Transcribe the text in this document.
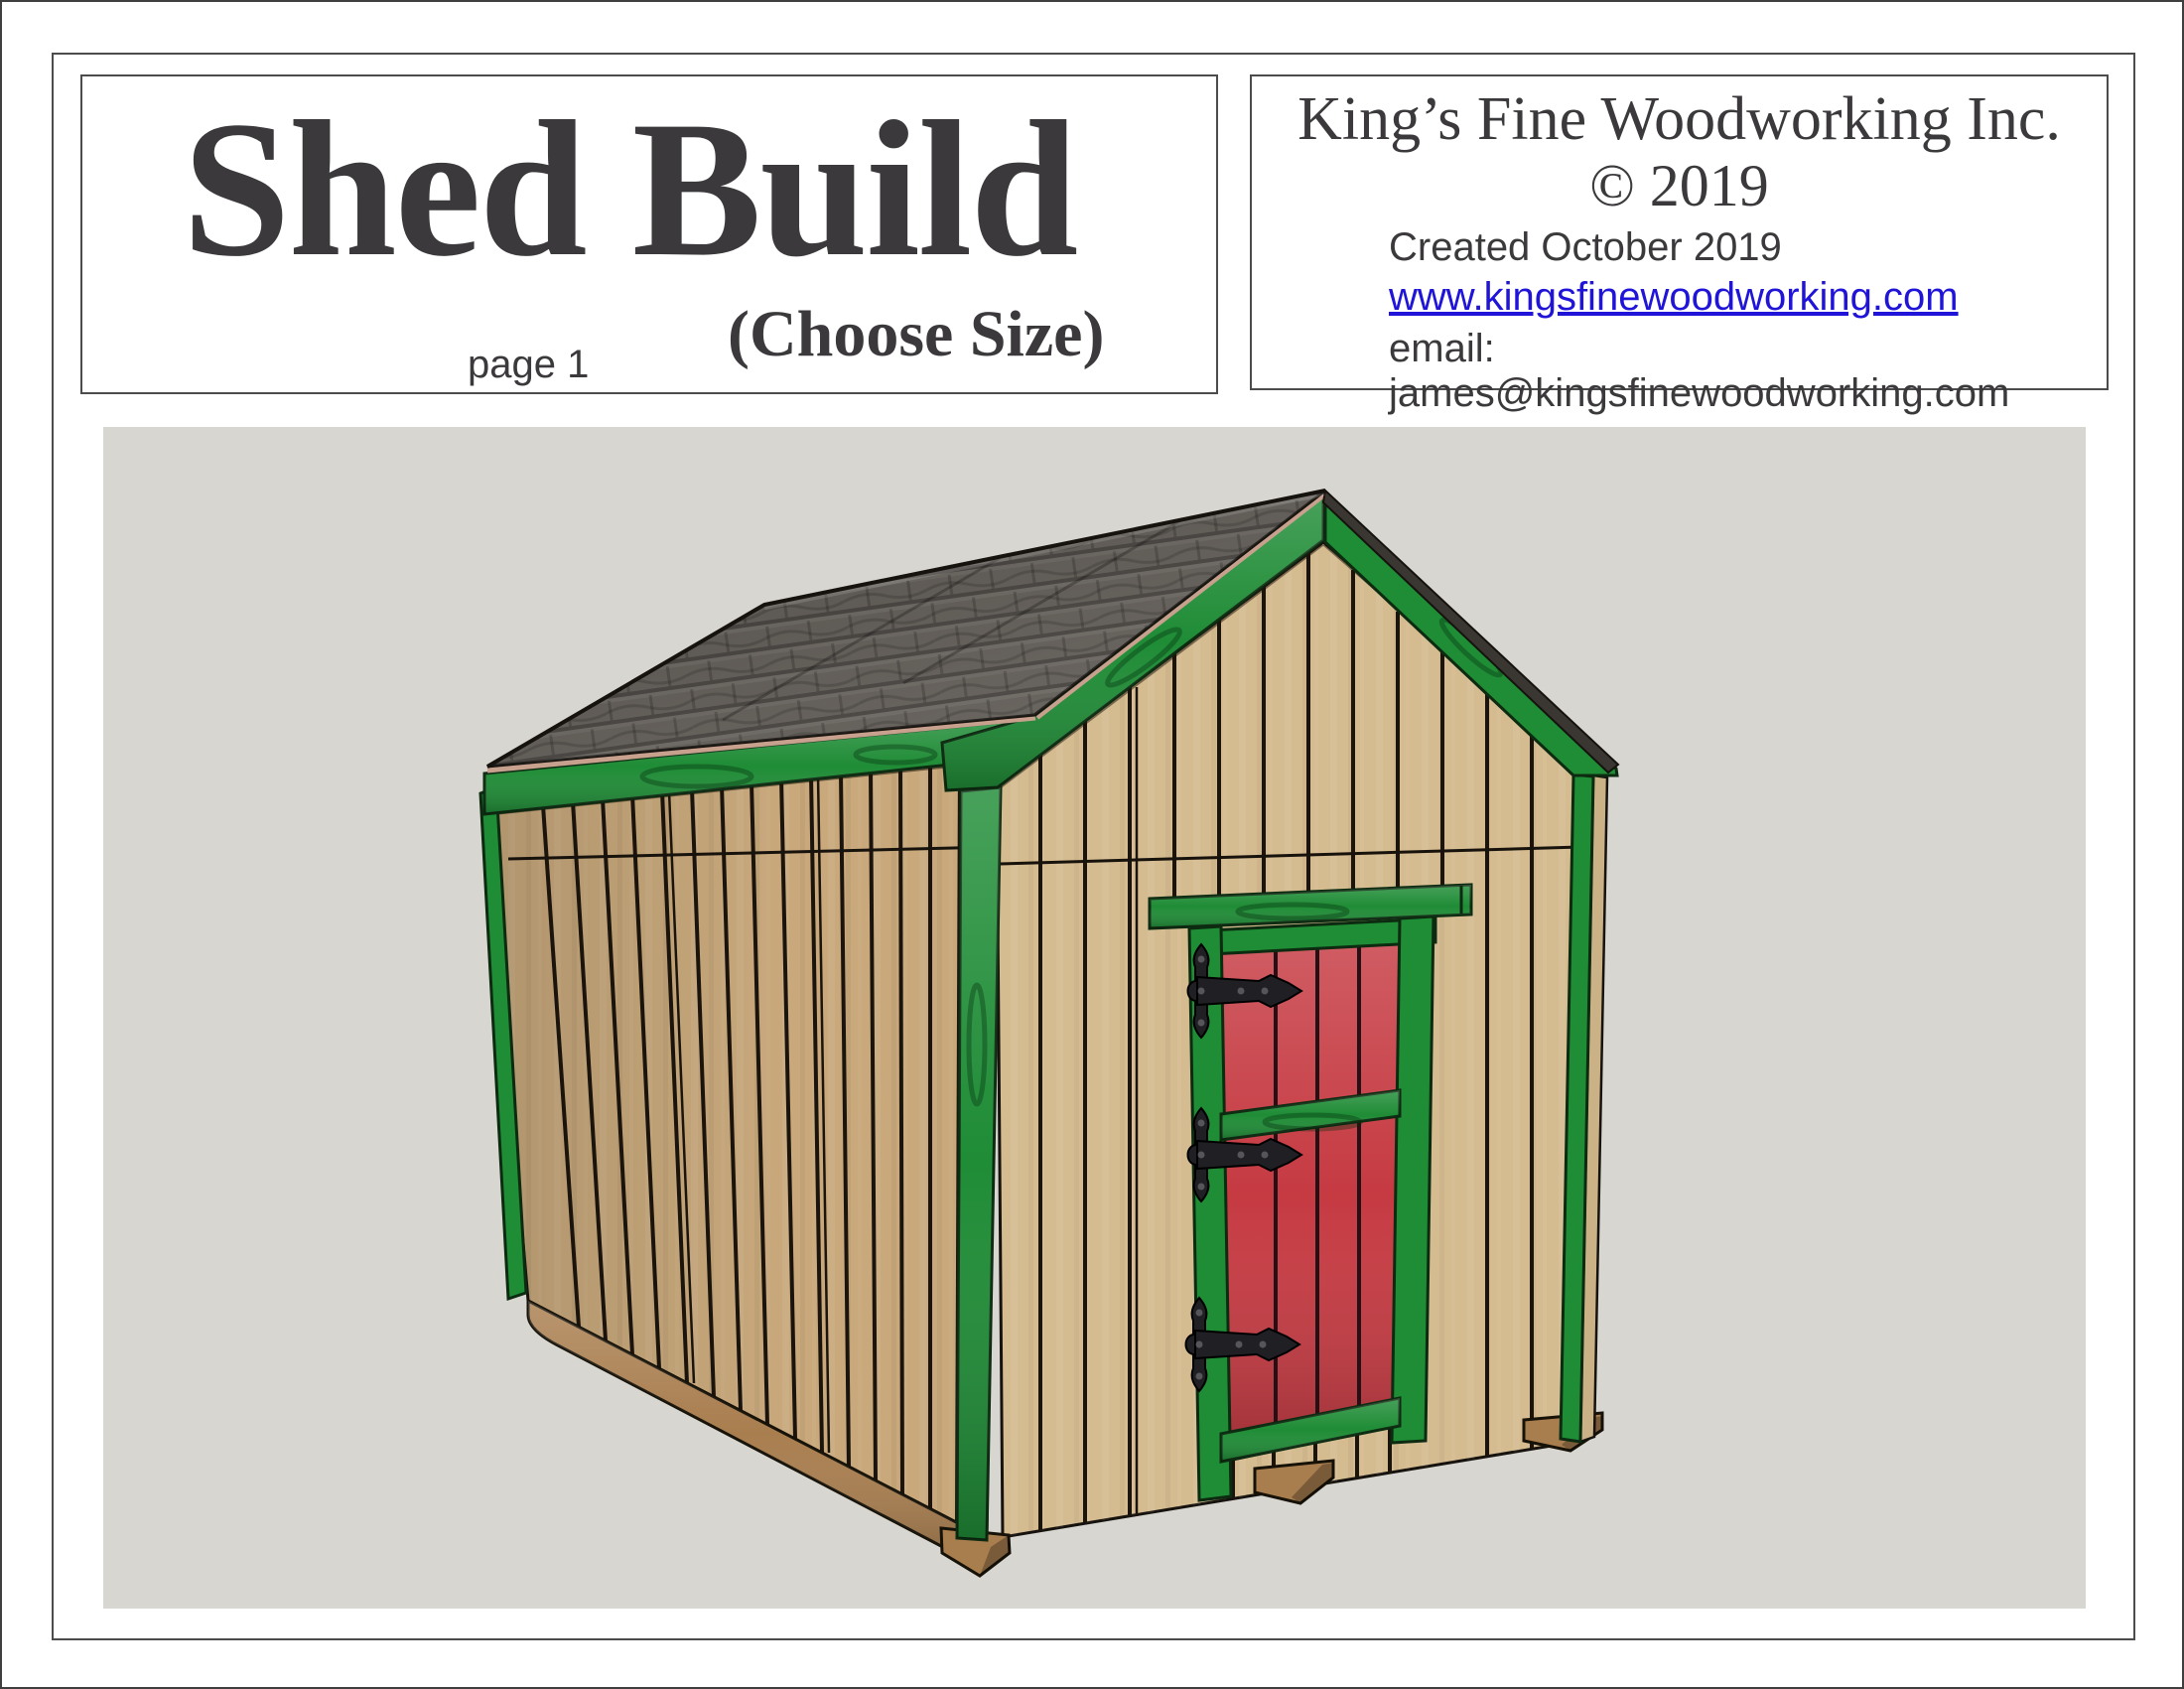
Shed Build
(Choose Size)
page 1
King’s Fine Woodworking Inc.
© 2019
Created October 2019
www.kingsfinewoodworking.com
email: james@kingsfinewoodworking.com
